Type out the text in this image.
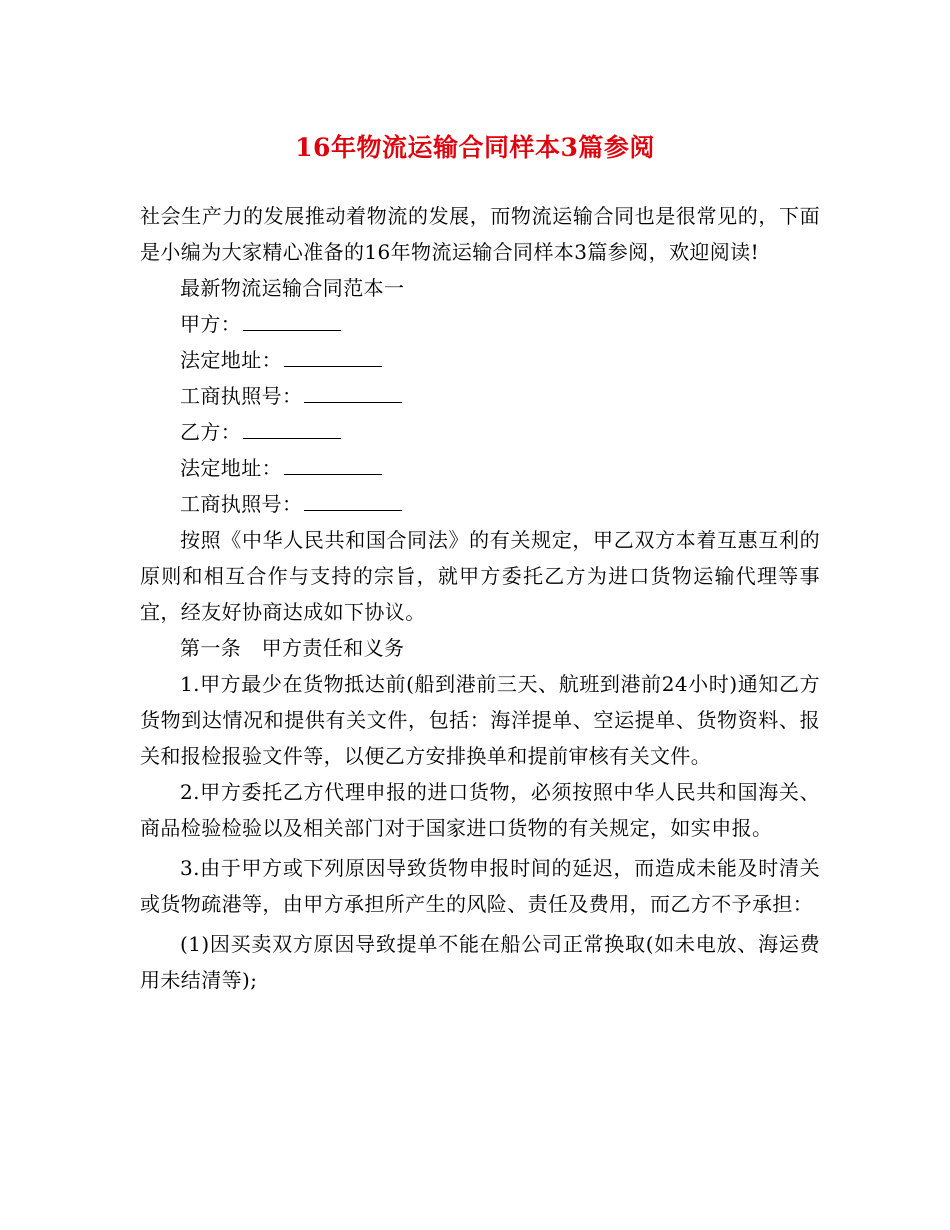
16年物流运输合同样本3篇参阅

社会生产力的发展推动着物流的发展，而物流运输合同也是很常见的，下面是小编为大家精心准备的16年物流运输合同样本3篇参阅，欢迎阅读!

最新物流运输合同范本一

甲方：

法定地址：

工商执照号：

乙方：

法定地址：

工商执照号：

按照《中华人民共和国合同法》的有关规定，甲乙双方本着互惠互利的原则和相互合作与支持的宗旨，就甲方委托乙方为进口货物运输代理等事宜，经友好协商达成如下协议。

第一条　甲方责任和义务

1.甲方最少在货物抵达前(船到港前三天、航班到港前24小时)通知乙方货物到达情况和提供有关文件，包括：海洋提单、空运提单、货物资料、报关和报检报验文件等，以便乙方安排换单和提前审核有关文件。

2.甲方委托乙方代理申报的进口货物，必须按照中华人民共和国海关、商品检验检验以及相关部门对于国家进口货物的有关规定，如实申报。

3.由于甲方或下列原因导致货物申报时间的延迟，而造成未能及时清关或货物疏港等，由甲方承担所产生的风险、责任及费用，而乙方不予承担：

(1)因买卖双方原因导致提单不能在船公司正常换取(如未电放、海运费用未结清等);
